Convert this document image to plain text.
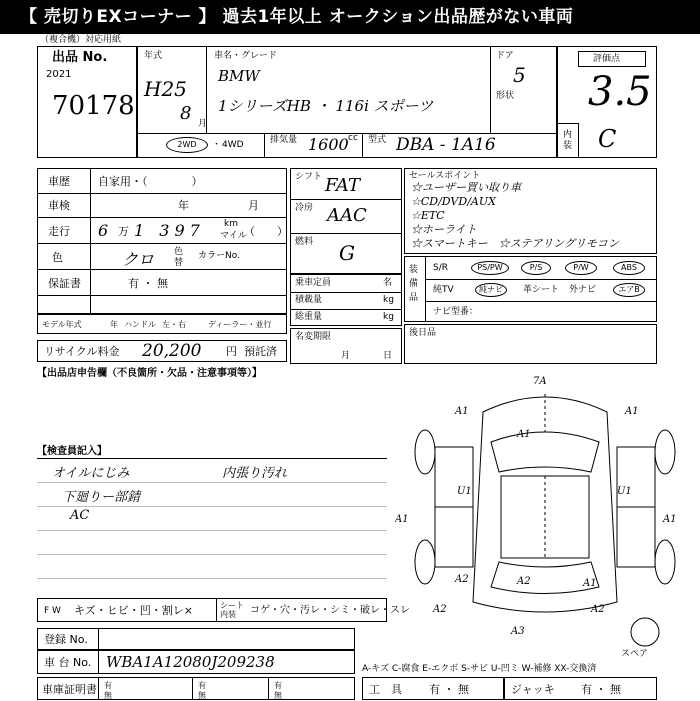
【 売切りEXコーナー 】 過去1年以上 オークション出品歴がない車両
（複合機）対応用紙
出品 No.
2021
70178
年式
H25
8 月
車名・グレード
BMW
1シリーズHB ・ 116i スポーツ
ドア
5
形状
2WD	・ 4WD	排気量 1600 cc 型式 DBA - 1A16
評価点
3.5
内装 C
車歴	自家用・（　　　　）
車検	年	月
走行 6 万 1 397 km
マイル
（　　）
色	クロ 色替
カラーNo.
保証書	有 ・ 無
モデル年式	年 ハンドル 左・右	ディーラー・並行
リサイクル料金 20,200 円 預託済
シフト FAT
冷房 AAC
燃料 G
乗車定員	名
積載量	kg
総重量	kg
名変期限
月	日
セールスポイント
☆ユーザー買い取り車
☆CD/DVD/AUX
☆ETC
☆ホーライト
☆スマートキー　☆ステアリングリモコン
装備品
S/R	PS/PW	P/S	P/W	ABS
純TV	純ナビ	革シート 外ナビ	エアB
ナビ型番：
後日品
【出品店申告欄（不良箇所・欠品・注意事項等）】
【検査員記入】
オイルにじみ
下廻りー部錆
AC
内張り汚れ
F W キズ・ヒビ・凹・割レ×	シート内装	コゲ・穴・汚レ・シミ・破レ・スレ
登録 No.
車 台 No. WBA1A12080J209238
車庫証明書 有
無
有
無
有
無
7A
A1	A1
A1
U1	U1
A1	A1
A2
A2	A2
A3
A2
A1
スペア
A-キズ C-腐食 E-エクボ S-サビ U-凹ミ W-補修 XX-交換済
工　具 有 ・ 無	ジャッキ 有 ・ 無
